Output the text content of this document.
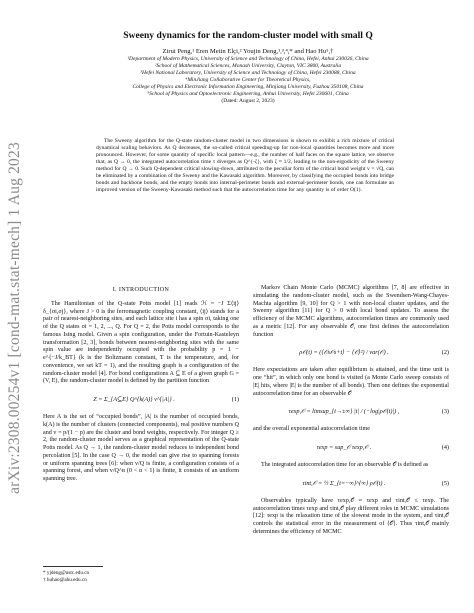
arXiv:2308.00254v1 [cond-mat.stat-mech] 1 Aug 2023
Sweeny dynamics for the random-cluster model with small Q
Zirui Peng,¹ Eren Metin Elçi,² Youjin Deng,¹,³,⁴,* and Hao Hu⁵,†
¹Department of Modern Physics, University of Science and Technology of China, Hefei, Anhui 230026, China
²School of Mathematical Sciences, Monash University, Clayton, VIC 3800, Australia
³Hefei National Laboratory, University of Science and Technology of China, Hefei 230088, China
⁴MinJiang Collaborative Center for Theoretical Physics,
College of Physics and Electronic Information Engineering, Minjiang University, Fuzhou 350108, China
⁵School of Physics and Optoelectronic Engineering, Anhui University, Hefei 230601, China
(Dated: August 2, 2023)
The Sweeny algorithm for the Q-state random-cluster model in two dimensions is shown to exhibit a rich mixture of critical dynamical scaling behaviors. As Q decreases, the so-called critical speeding-up for non-local quantities becomes more and more pronounced. However, for some quantity of specific local pattern—e.g., the number of half faces on the square lattice, we observe that, as Q → 0, the integrated autocorrelation time τ diverges as Q^{-ζ}, with ζ ≈ 1/2, leading to the non-ergodicity of the Sweeny method for Q → 0. Such Q-dependent critical slowing-down, attributed to the peculiar form of the critical bond weight v = √Q, can be eliminated by a combination of the Sweeny and the Kawasaki algorithm. Moreover, by classifying the occupied bonds into bridge bonds and backbone bonds, and the empty bonds into internal-perimeter bonds and external-perimeter bonds, one can formulate an improved version of the Sweeny-Kawasaki method such that the autocorrelation time for any quantity is of order O(1).
I. INTRODUCTION

The Hamiltonian of the Q-state Potts model [1] reads ℋ = −J Σ⟨ij⟩ δ_{σi,σj}, where J > 0 is the ferromagnetic coupling constant, ⟨ij⟩ stands for a pair of nearest-neighboring sites, and each lattice site i has a spin σi, taking one of the Q states σi = 1, 2, ..., Q. For Q = 2, the Potts model corresponds to the famous Ising model. Given a spin configuration, under the Fortuin-Kasteleyn transformation [2, 3], bonds between nearest-neighboring sites with the same spin value are independently occupied with the probability p = 1 − e^{−J/k_BT} (k is the Boltzmann constant, T is the temperature, and, for convenience, we set kT = 1), and the resulting graph is a configuration of the random-cluster model [4]. For bond configurations A ⊆ E of a given graph G = (V, E), the random-cluster model is defined by the partition function

Z = Σ_{A⊆E} Q^{k(A)} v^{|A|} .	(1)

Here A is the set of “occupied bonds”, |A| is the number of occupied bonds, k(A) is the number of clusters (connected components), real positive numbers Q and v = p/(1 − p) are the cluster and bond weights, respectively. For integer Q ≥ 2, the random-cluster model serves as a graphical representation of the Q-state Potts model. As Q → 1, the random-cluster model reduces to independent bond percolation [5]. In the case Q → 0, the model can give rise to spanning forests or uniform spanning trees [6]: when v/Q is finite, a configuration consists of a spanning forest, and when v/Q^α (0 < α < 1) is finite, it consists of an uniform spanning tree.

Markov Chain Monte Carlo (MCMC) algorithms [7, 8] are effective in simulating the random-cluster model, such as the Swendsen-Wang-Chayes-Machta algorithm [9, 10] for Q > 1 with non-local cluster updates, and the Sweeny algorithm [11] for Q > 0 with local bond updates. To assess the efficiency of the MCMC algorithms, autocorrelation times are commonly used as a metric [12]. For any observable 𝒪, one first defines the autocorrelation function

ρ𝒪(t) = (⟨𝒪s𝒪s+t⟩ − ⟨𝒪⟩²) / var(𝒪) .	(2)

Here expectations are taken after equilibrium is attained, and the time unit is one “hit”, in which only one bond is visited (a Monte Carlo sweep consists of |E| hits, where |E| is the number of all bonds). Then one defines the exponential autocorrelation time for an observable 𝒪

τexp,𝒪 = limsup_{t→±∞} |t| / (−log|ρ𝒪(t)|) ,	(3)

and the overall exponential autocorrelation time

τexp = sup_𝒪 τexp,𝒪 .	(4)

The integrated autocorrelation time for an observable 𝒪 is defined as

τint,𝒪 = ½ Σ_{t=−∞}^{∞} ρ𝒪(t) .	(5)

Observables typically have τexp,𝒪 ≈ τexp and τint,𝒪 ≤ τexp. The autocorrelation times τexp and τint,𝒪 play different roles in MCMC simulations [12]: τexp is the relaxation time of the slowest mode in the system, and τint,𝒪 controls the statistical error in the measurement of ⟨𝒪⟩. Thus τint,𝒪 mainly determines the efficiency of MCMC

* yjdeng@ustc.edu.cn
† huhao@ahu.edu.cn
